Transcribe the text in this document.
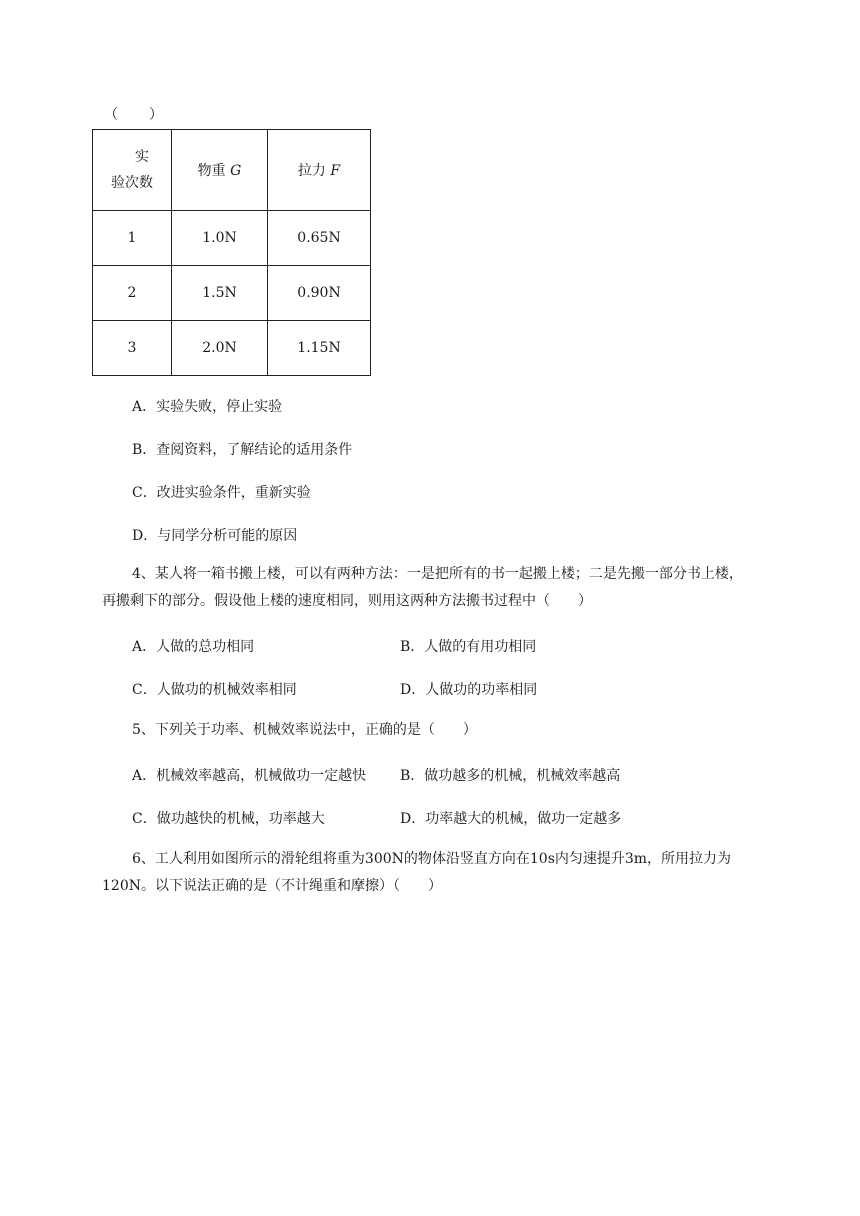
（　　）
实
验次数	物重 G	拉力 F
1	1.0N	0.65N
2	1.5N	0.90N
3	2.0N	1.15N
A．实验失败，停止实验
B．查阅资料，了解结论的适用条件
C．改进实验条件，重新实验
D．与同学分析可能的原因
4、某人将一箱书搬上楼，可以有两种方法：一是把所有的书一起搬上楼；二是先搬一部分书上楼，
再搬剩下的部分。假设他上楼的速度相同，则用这两种方法搬书过程中（　　）
A．人做的总功相同	B．人做的有用功相同
C．人做功的机械效率相同	D．人做功的功率相同
5、下列关于功率、机械效率说法中，正确的是（　　）
A．机械效率越高，机械做功一定越快 B．做功越多的机械，机械效率越高
C．做功越快的机械，功率越大	D．功率越大的机械，做功一定越多
6、工人利用如图所示的滑轮组将重为300N的物体沿竖直方向在10s内匀速提升3m，所用拉力为
120N。以下说法正确的是（不计绳重和摩擦）（　　）
